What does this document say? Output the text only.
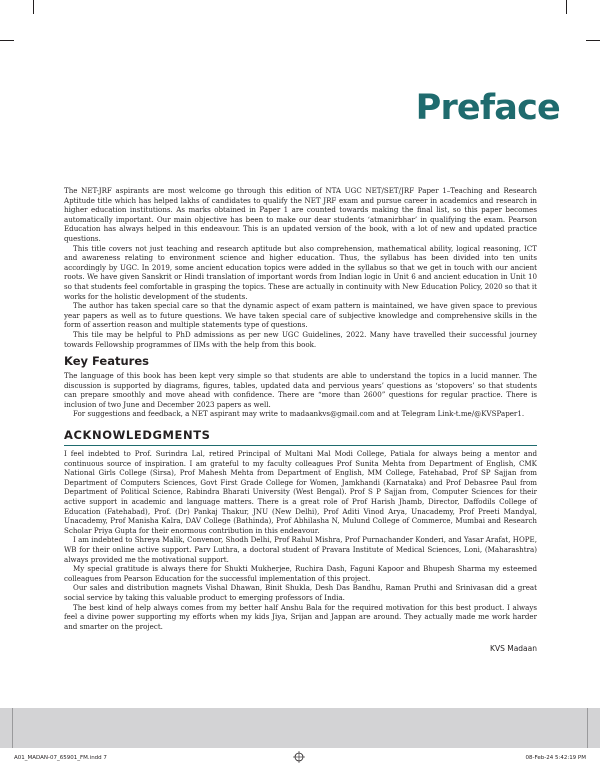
Preface

The NET-JRF aspirants are most welcome go through this edition of NTA UGC NET/SET/JRF Paper 1–Teaching and Research Aptitude title which has helped lakhs of candidates to qualify the NET JRF exam and pursue career in academics and research in higher education institutions. As marks obtained in Paper 1 are counted towards making the final list, so this paper becomes automatically important. Our main objective has been to make our dear students ‘atmanirbhar’ in qualifying the exam. Pearson Education has always helped in this endeavour. This is an updated version of the book, with a lot of new and updated practice questions.

This title covers not just teaching and research aptitude but also comprehension, mathematical ability, logical reasoning, ICT and awareness relating to environment science and higher education. Thus, the syllabus has been divided into ten units accordingly by UGC. In 2019, some ancient education topics were added in the syllabus so that we get in touch with our ancient roots. We have given Sanskrit or Hindi translation of important words from Indian logic in Unit 6 and ancient education in Unit 10 so that students feel comfortable in grasping the topics. These are actually in continuity with New Education Policy, 2020 so that it works for the holistic development of the students.

The author has taken special care so that the dynamic aspect of exam pattern is maintained, we have given space to previous year papers as well as to future questions. We have taken special care of subjective knowledge and comprehensive skills in the form of assertion reason and multiple statements type of questions.

This tile may be helpful to PhD admissions as per new UGC Guidelines, 2022. Many have travelled their successful journey towards Fellowship programmes of IIMs with the help from this book.

Key Features

The language of this book has been kept very simple so that students are able to understand the topics in a lucid manner. The discussion is supported by diagrams, figures, tables, updated data and pervious years’ questions as ‘stopovers’ so that students can prepare smoothly and move ahead with confidence. There are “more than 2600” questions for regular practice. There is inclusion of two June and December 2023 papers as well.

For suggestions and feedback, a NET aspirant may write to madaankvs@gmail.com and at Telegram Link-t.me/@KVSPaper1.

ACKNOWLEDGMENTS

I feel indebted to Prof. Surindra Lal, retired Principal of Multani Mal Modi College, Patiala for always being a mentor and continuous source of inspiration. I am grateful to my faculty colleagues Prof Sunita Mehta from Department of English, CMK National Girls College (Sirsa), Prof Mahesh Mehta from Department of English, MM College, Fatehabad, Prof SP Sajjan from Department of Computers Sciences, Govt First Grade College for Women, Jamkhandi (Karnataka) and Prof Debasree Paul from Department of Political Science, Rabindra Bharati University (West Bengal). Prof S P Sajjan from, Computer Sciences for their active support in academic and language matters. There is a great role of Prof Harish Jhamb, Director, Daffodils College of Education (Fatehabad), Prof. (Dr) Pankaj Thakur, JNU (New Delhi), Prof Aditi Vinod Arya, Unacademy, Prof Preeti Mandyal, Unacademy, Prof Manisha Kalra, DAV College (Bathinda), Prof Abhilasha N, Mulund College of Commerce, Mumbai and Research Scholar Priya Gupta for their enormous contribution in this endeavour.

I am indebted to Shreya Malik, Convenor, Shodh Delhi, Prof Rahul Mishra, Prof Purnachander Konderi, and Yasar Arafat, HOPE, WB for their online active support. Parv Luthra, a doctoral student of Pravara Institute of Medical Sciences, Loni, (Maharashtra) always provided me the motivational support.

My special gratitude is always there for Shukti Mukherjee, Ruchira Dash, Faguni Kapoor and Bhupesh Sharma my esteemed colleagues from Pearson Education for the successful implementation of this project.

Our sales and distribution magnets Vishal Dhawan, Binit Shukla, Desh Das Bandhu, Raman Pruthi and Srinivasan did a great social service by taking this valuable product to emerging professors of India.

The best kind of help always comes from my better half Anshu Bala for the required motivation for this best product. I always feel a divine power supporting my efforts when my kids Jiya, Srijan and Jappan are around. They actually made me work harder and smarter on the project.

KVS Madaan
A01_MADAN-07_65901_FM.indd 7	08-Feb-24 5:42:19 PM
